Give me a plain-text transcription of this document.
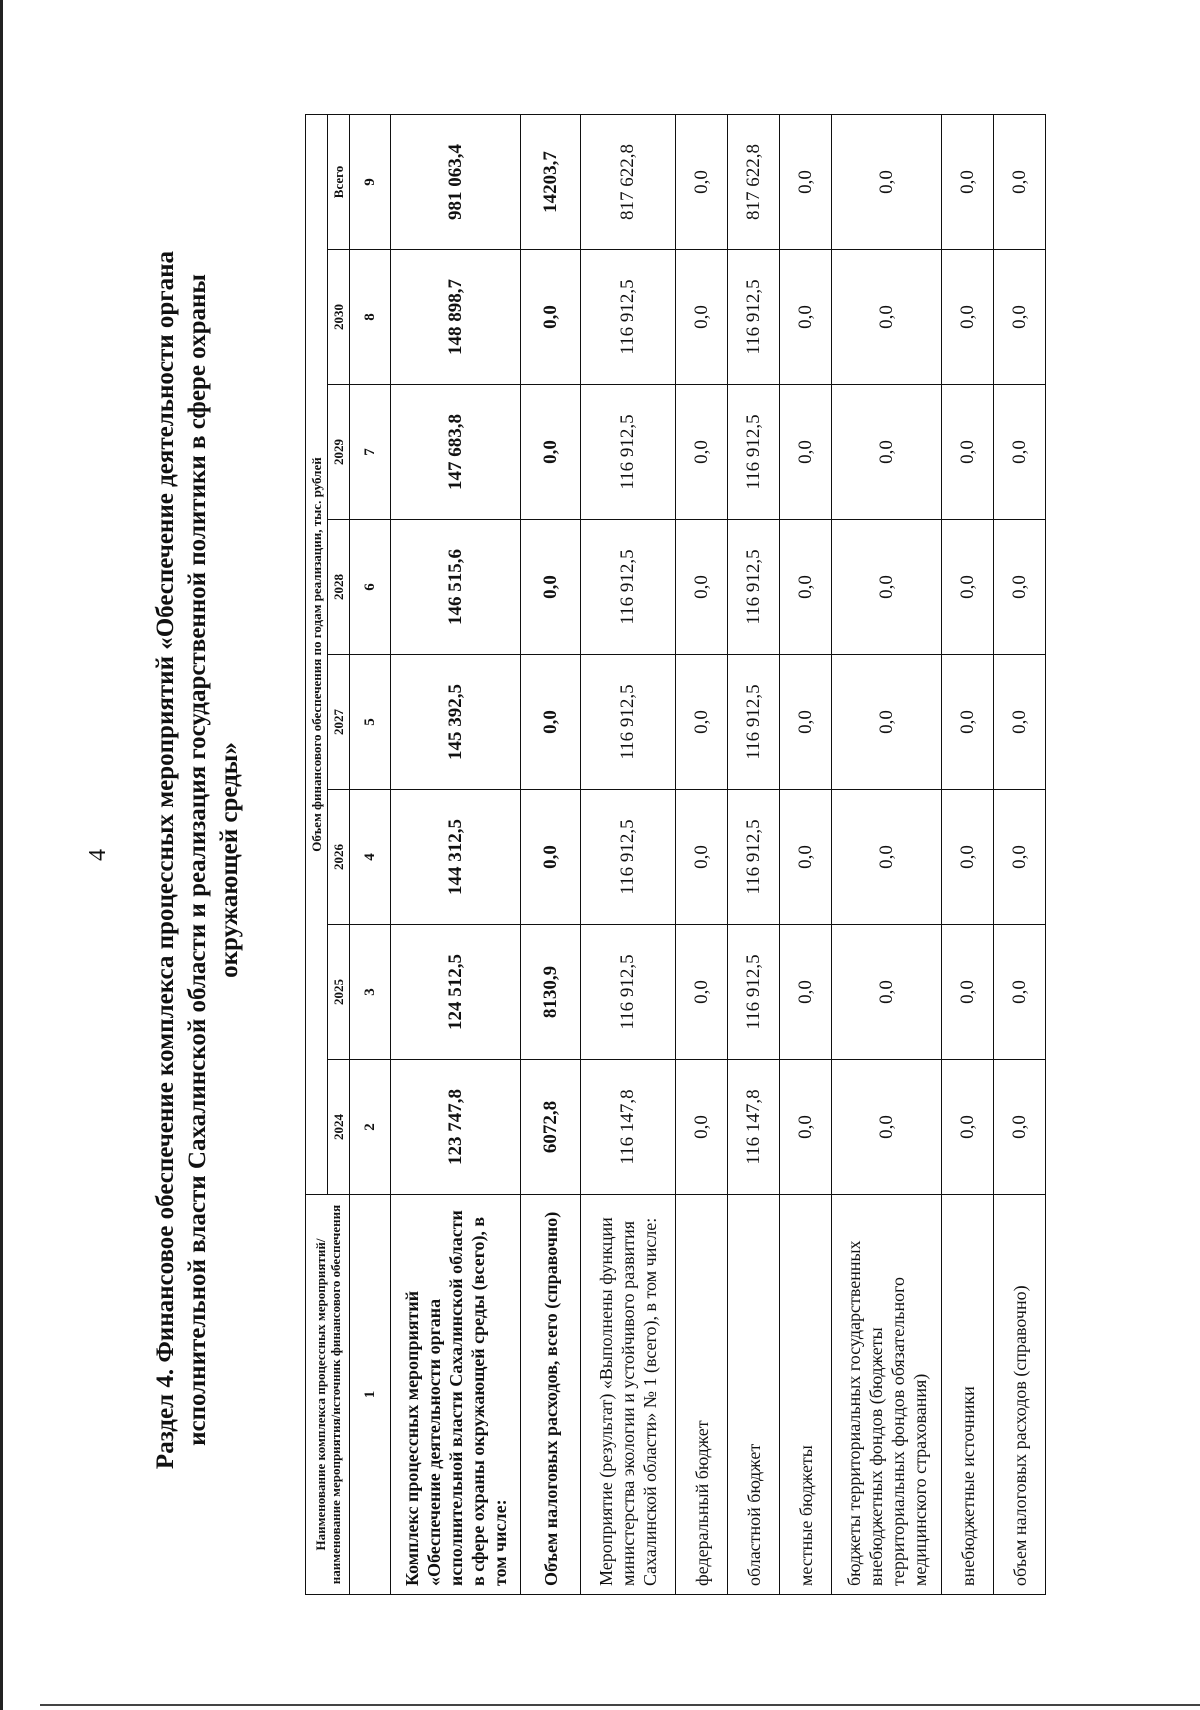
4 Раздел 4. Финансовое обеспечение комплекса процессных мероприятий «Обеспечение деятельности органа исполнительной власти Сахалинской области и реализация государственной политики в сфере охраны окружающей среды»
Наименование комплекса процессных мероприятий/наименование мероприятия/источник финансового обеспечения	Объем финансового обеспечения по годам реализации, тыс. рублей							
	2024	2025	2026	2027	2028	2029	2030	Всего
1	2	3	4	5	6	7	8	9
Комплекс процессных мероприятий «Обеспечение деятельности органа исполнительной власти Сахалинской области в сфере охраны окружающей среды (всего), в том числе:	123 747,8	124 512,5	144 312,5	145 392,5	146 515,6	147 683,8	148 898,7	981 063,4
Объем налоговых расходов, всего (справочно)	6072,8	8130,9	0,0	0,0	0,0	0,0	0,0	14203,7
Мероприятие (результат) «Выполнены функции министерства экологии и устойчивого развития Сахалинской области» № 1 (всего), в том числе:	116 147,8	116 912,5	116 912,5	116 912,5	116 912,5	116 912,5	116 912,5	817 622,8
федеральный бюджет	0,0	0,0	0,0	0,0	0,0	0,0	0,0	0,0
областной бюджет	116 147,8	116 912,5	116 912,5	116 912,5	116 912,5	116 912,5	116 912,5	817 622,8
местные бюджеты	0,0	0,0	0,0	0,0	0,0	0,0	0,0	0,0
бюджеты территориальных государственных внебюджетных фондов (бюджеты территориальных фондов обязательного медицинского страхования)	0,0	0,0	0,0	0,0	0,0	0,0	0,0	0,0
внебюджетные источники	0,0	0,0	0,0	0,0	0,0	0,0	0,0	0,0
объем налоговых расходов (справочно)	0,0	0,0	0,0	0,0	0,0	0,0	0,0	0,0
